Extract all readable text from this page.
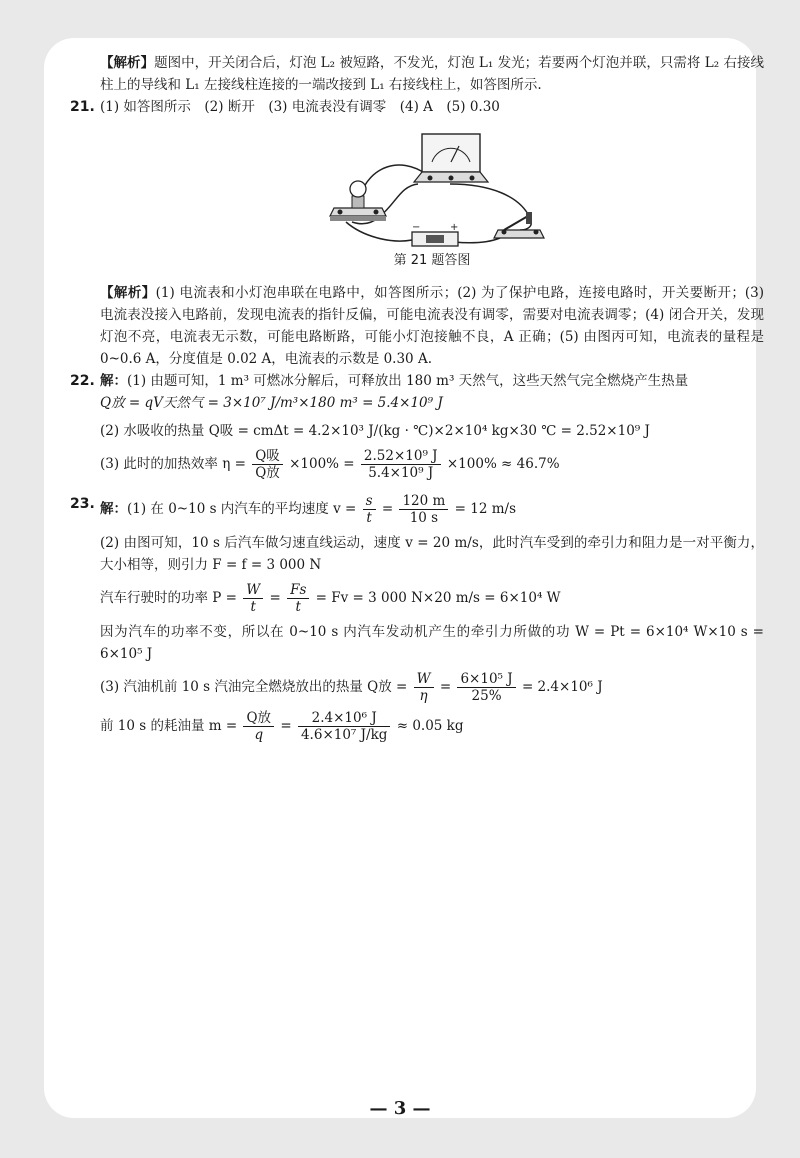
【解析】题图中，开关闭合后，灯泡 L₂ 被短路，不发光，灯泡 L₁ 发光；若要两个灯泡并联，只需将 L₂ 右接线柱上的导线和 L₁ 左接线柱连接的一端改接到 L₁ 右接线柱上，如答图所示.

21. (1) 如答图所示　(2) 断开　(3) 电流表没有调零　(4) A　(5) 0.30

−	+
第 21 题答图

【解析】(1) 电流表和小灯泡串联在电路中，如答图所示；(2) 为了保护电路，连接电路时，开关要断开；(3) 电流表没接入电路前，发现电流表的指针反偏，可能电流表没有调零，需要对电流表调零；(4) 闭合开关，发现灯泡不亮，电流表无示数，可能电路断路，可能小灯泡接触不良，A 正确；(5) 由图丙可知，电流表的量程是 0~0.6 A，分度值是 0.02 A，电流表的示数是 0.30 A.

22. 解：(1) 由题可知，1 m³ 可燃冰分解后，可释放出 180 m³ 天然气，这些天然气完全燃烧产生热量

Q放 = qV天然气 = 3×10⁷ J/m³×180 m³ = 5.4×10⁹ J

(2) 水吸收的热量 Q吸 = cmΔt = 4.2×10³ J/(kg · ℃)×2×10⁴ kg×30 ℃ = 2.52×10⁹ J

(3) 此时的加热效率 $\eta = \frac{\text{Q吸}}{\text{Q放}} \times 100\% = \frac{\text{2.52×10⁹ J}}{\text{5.4×10⁹ J}} \times 100\% \approx 46.7\%$

23. 解：(1) 在 0~10 s 内汽车的平均速度 $v = \frac{s}{t} = \frac{120 m}{10 s} = 12$ m/s

(2) 由图可知，10 s 后汽车做匀速直线运动，速度 v = 20 m/s，此时汽车受到的牵引力和阻力是一对平衡力，大小相等，则引力 F = f = 3 000 N

汽车行驶时的功率 $P = \frac{W}{t} = \frac{Fs}{t} = Fv = 3$ 000 N×20 m/s = 6×10⁴ W

因为汽车的功率不变，所以在 0~10 s 内汽车发动机产生的牵引力所做的功 W = Pt = 6×10⁴ W×10 s = 6×10⁵ J

(3) 汽油机前 10 s 汽油完全燃烧放出的热量 Q放 = $\frac{W}{\eta} = \frac{\text{6×10⁵ J}}{25\%} = 2.4\times 10^6$ J

前 10 s 的耗油量 $m = \frac{\text{Q放}}{q} = \frac{\text{2.4×10⁶ J}}{\text{4.6×10⁷ J/kg}} \approx 0.05$ kg

— 3 —
